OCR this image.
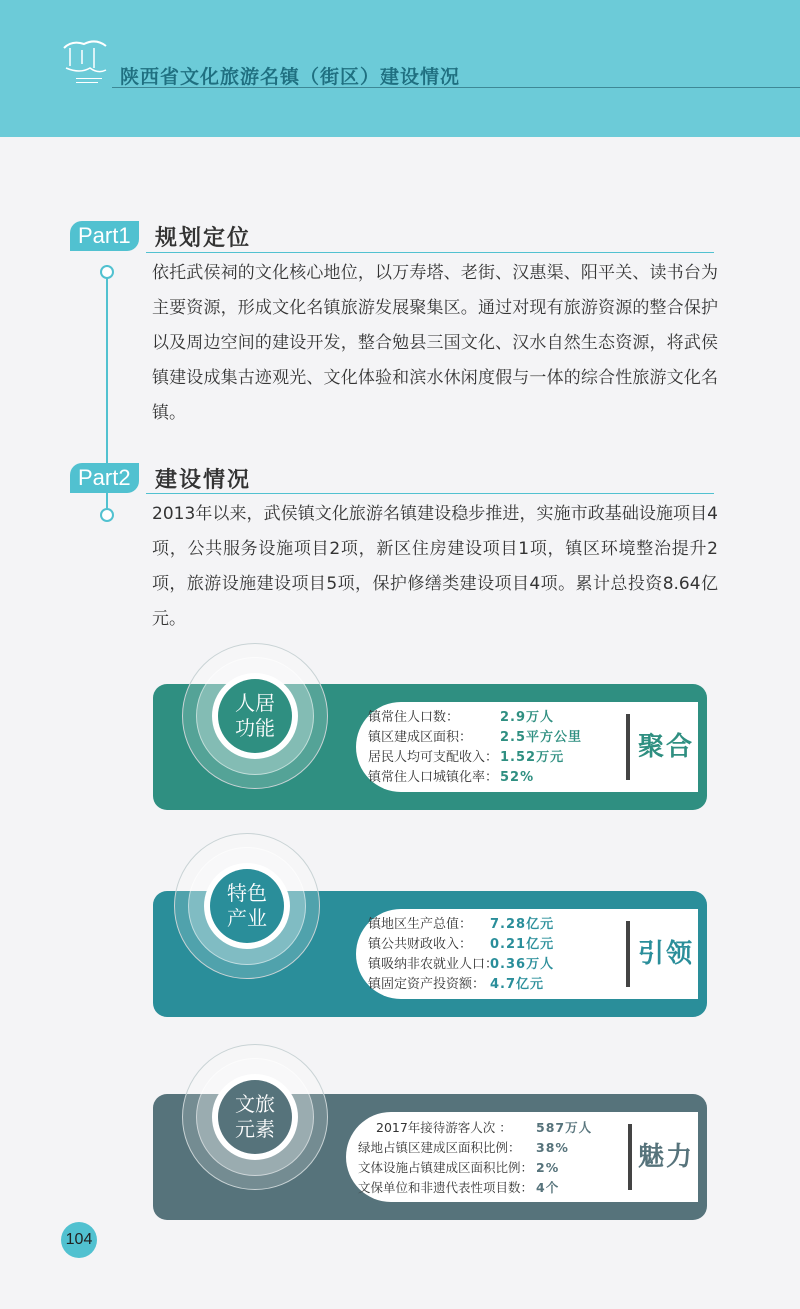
陕西省文化旅游名镇（街区）建设情况
Part1	规划定位
依托武侯祠的文化核心地位，以万寿塔、老街、汉惠渠、阳平关、读书台为主要资源，形成文化名镇旅游发展聚集区。通过对现有旅游资源的整合保护以及周边空间的建设开发，整合勉县三国文化、汉水自然生态资源，将武侯镇建设成集古迹观光、文化体验和滨水休闲度假与一体的综合性旅游文化名镇。
Part2	建设情况
2013年以来，武侯镇文化旅游名镇建设稳步推进，实施市政基础设施项目4项，公共服务设施项目2项，新区住房建设项目1项，镇区环境整治提升2项，旅游设施建设项目5项，保护修缮类建设项目4项。累计总投资8.64亿元。
镇常住人口数：	2.9万人
镇区建成区面积：	2.5平方公里
居民人均可支配收入： 1.52万元
镇常住人口城镇化率： 52%
聚合
人居
功能
镇地区生产总值：	7.28亿元
镇公共财政收入：	0.21亿元
镇吸纳非农就业人口：
0.36万人
镇固定资产投资额： 4.7亿元
引领
特色
产业
2017年接待游客人次 ：	587万人
绿地占镇区建成区面积比例：	38%
文体设施占镇建成区面积比例： 2%
文保单位和非遗代表性项目数： 4个
魅力
文旅
元素
104
